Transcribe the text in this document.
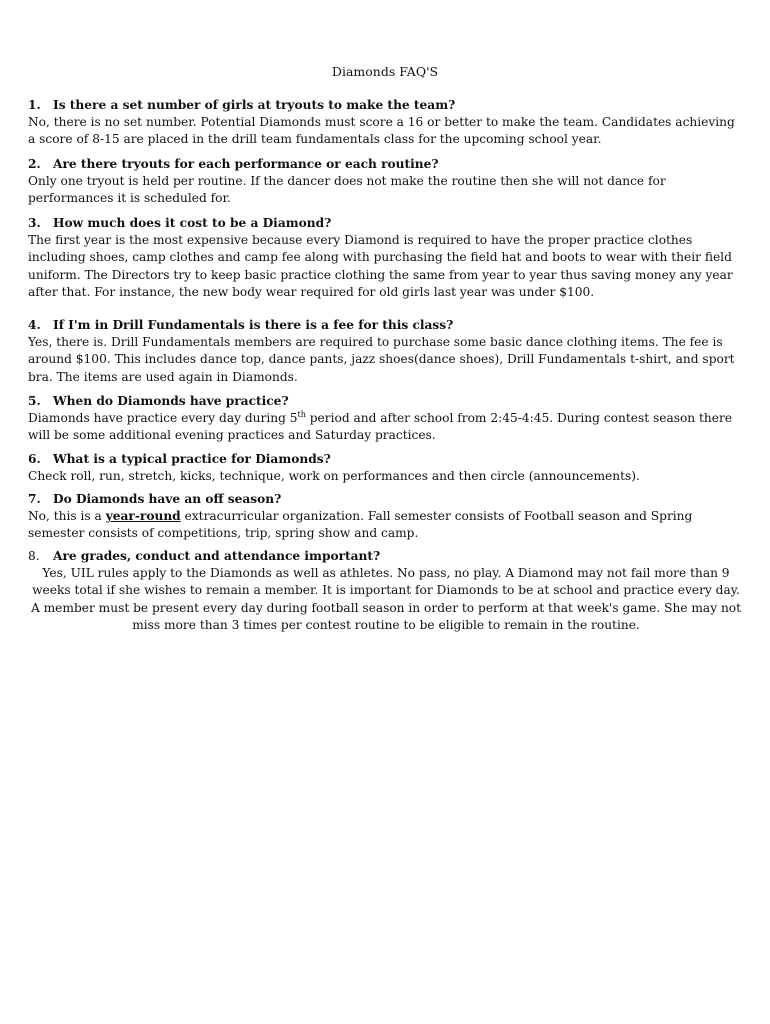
Diamonds FAQ'S
1. Is there a set number of girls at tryouts to make the team?
No, there is no set number. Potential Diamonds must score a 16 or better to make the team. Candidates achieving a score of 8-15 are placed in the drill team fundamentals class for the upcoming school year.
2. Are there tryouts for each performance or each routine?
Only one tryout is held per routine. If the dancer does not make the routine then she will not dance for performances it is scheduled for.
3. How much does it cost to be a Diamond?
The first year is the most expensive because every Diamond is required to have the proper practice clothes including shoes, camp clothes and camp fee along with purchasing the field hat and boots to wear with their field uniform. The Directors try to keep basic practice clothing the same from year to year thus saving money any year after that. For instance, the new body wear required for old girls last year was under $100.
4. If I'm in Drill Fundamentals is there is a fee for this class?
Yes, there is. Drill Fundamentals members are required to purchase some basic dance clothing items. The fee is around $100. This includes dance top, dance pants, jazz shoes(dance shoes), Drill Fundamentals t-shirt, and sport bra. The items are used again in Diamonds.
5. When do Diamonds have practice?
Diamonds have practice every day during 5th period and after school from 2:45-4:45. During contest season there will be some additional evening practices and Saturday practices.
6. What is a typical practice for Diamonds?
Check roll, run, stretch, kicks, technique, work on performances and then circle (announcements).
7. Do Diamonds have an off season?
No, this is a year-round extracurricular organization. Fall semester consists of Football season and Spring semester consists of competitions, trip, spring show and camp.
8. Are grades, conduct and attendance important?
Yes, UIL rules apply to the Diamonds as well as athletes. No pass, no play. A Diamond may not fail more than 9 weeks total if she wishes to remain a member. It is important for Diamonds to be at school and practice every day. A member must be present every day during football season in order to perform at that week's game. She may not miss more than 3 times per contest routine to be eligible to remain in the routine.
